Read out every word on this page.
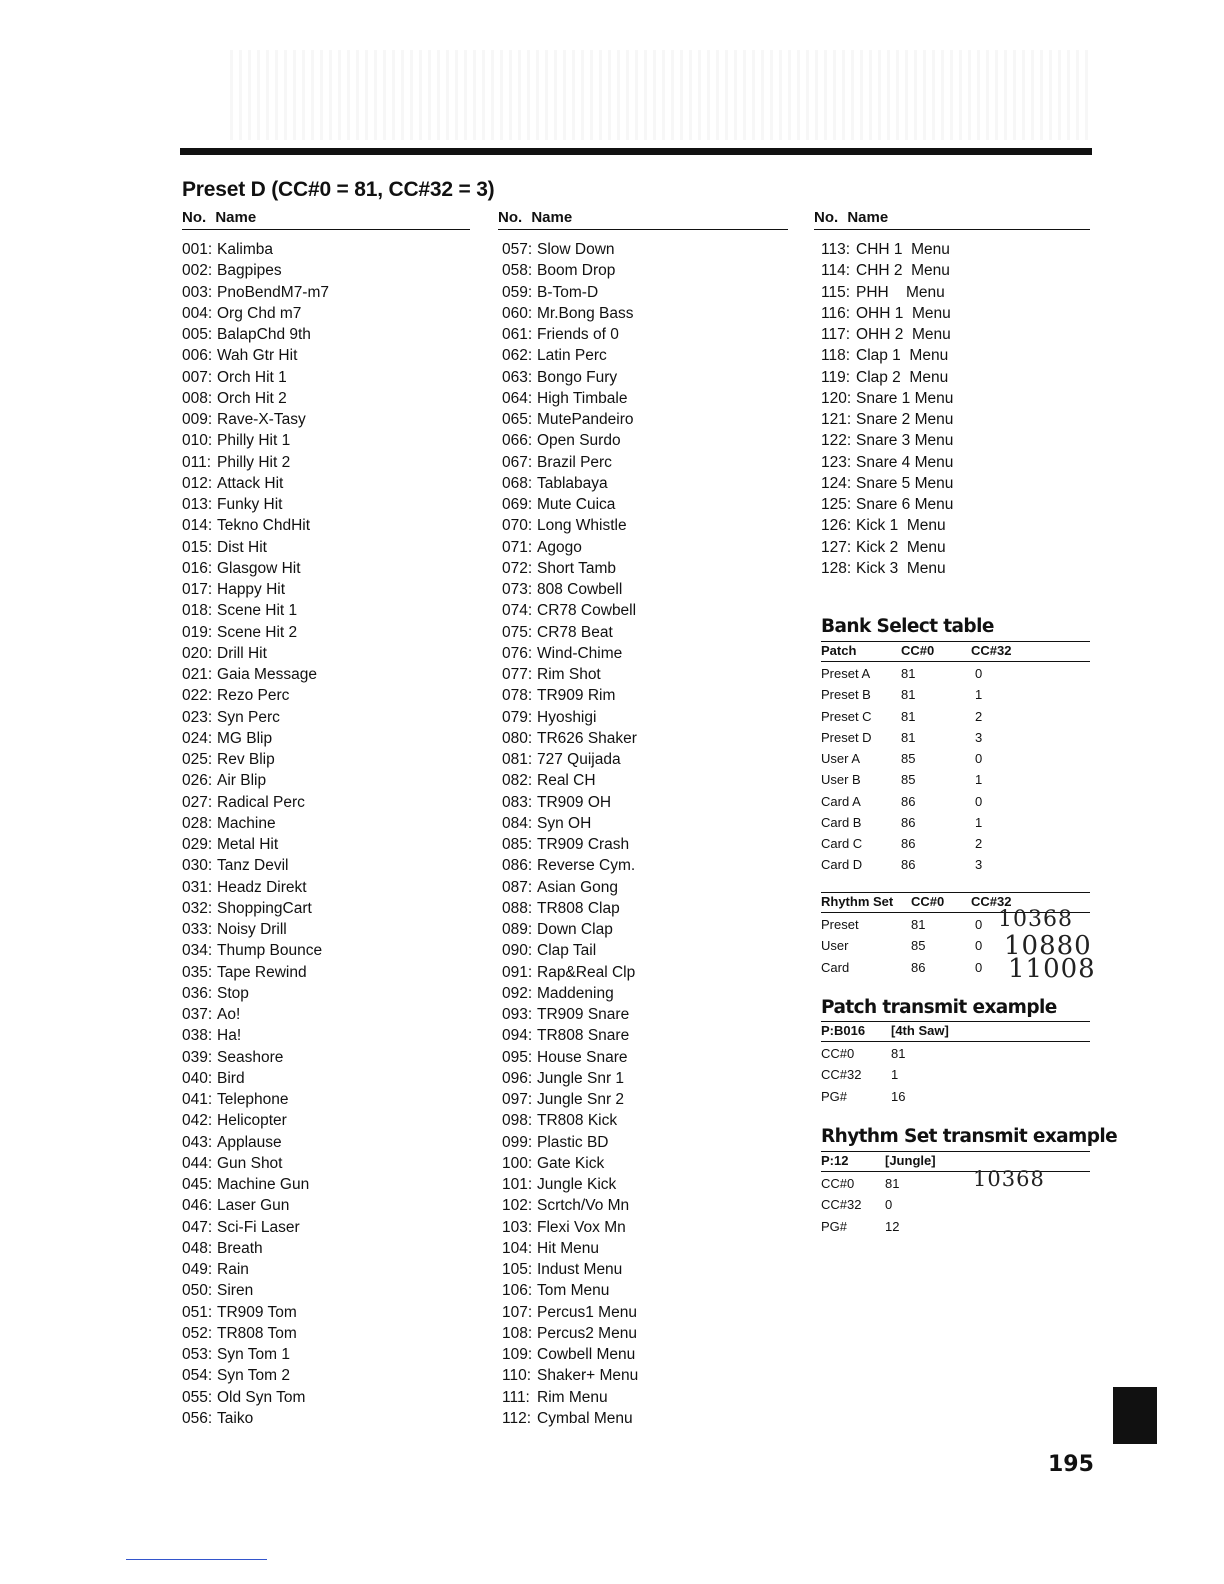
Preset D (CC#0 = 81, CC#32 = 3)
No. Name	No. Name	No. Name
001: Kalimba
002: Bagpipes
003: PnoBendM7-m7
004: Org Chd m7
005: BalapChd 9th
006: Wah Gtr Hit
007: Orch Hit 1
008: Orch Hit 2
009: Rave-X-Tasy
010: Philly Hit 1
011: Philly Hit 2
012: Attack Hit
013: Funky Hit
014: Tekno ChdHit
015: Dist Hit
016: Glasgow Hit
017: Happy Hit
018: Scene Hit 1
019: Scene Hit 2
020: Drill Hit
021: Gaia Message
022: Rezo Perc
023: Syn Perc
024: MG Blip
025: Rev Blip
026: Air Blip
027: Radical Perc
028: Machine
029: Metal Hit
030: Tanz Devil
031: Headz Direkt
032: ShoppingCart
033: Noisy Drill
034: Thump Bounce
035: Tape Rewind
036: Stop
037: Ao!
038: Ha!
039: Seashore
040: Bird
041: Telephone
042: Helicopter
043: Applause
044: Gun Shot
045: Machine Gun
046: Laser Gun
047: Sci-Fi Laser
048: Breath
049: Rain
050: Siren
051: TR909 Tom
052: TR808 Tom
053: Syn Tom 1
054: Syn Tom 2
055: Old Syn Tom
056: Taiko
057: Slow Down
058: Boom Drop
059: B-Tom-D
060: Mr.Bong Bass
061: Friends of 0
062: Latin Perc
063: Bongo Fury
064: High Timbale
065: MutePandeiro
066: Open Surdo
067: Brazil Perc
068: Tablabaya
069: Mute Cuica
070: Long Whistle
071: Agogo
072: Short Tamb
073: 808 Cowbell
074: CR78 Cowbell
075: CR78 Beat
076: Wind-Chime
077: Rim Shot
078: TR909 Rim
079: Hyoshigi
080: TR626 Shaker
081: 727 Quijada
082: Real CH
083: TR909 OH
084: Syn OH
085: TR909 Crash
086: Reverse Cym.
087: Asian Gong
088: TR808 Clap
089: Down Clap
090: Clap Tail
091: Rap&Real Clp
092: Maddening
093: TR909 Snare
094: TR808 Snare
095: House Snare
096: Jungle Snr 1
097: Jungle Snr 2
098: TR808 Kick
099: Plastic BD
100: Gate Kick
101: Jungle Kick
102: Scrtch/Vo Mn
103: Flexi Vox Mn
104: Hit Menu
105: Indust Menu
106: Tom Menu
107: Percus1 Menu
108: Percus2 Menu
109: Cowbell Menu
110: Shaker+ Menu
111: Rim Menu
112: Cymbal Menu
113: CHH 1  Menu
114: CHH 2  Menu
115: PHH    Menu
116: OHH 1  Menu
117: OHH 2  Menu
118: Clap 1  Menu
119: Clap 2  Menu
120: Snare 1 Menu
121: Snare 2 Menu
122: Snare 3 Menu
123: Snare 4 Menu
124: Snare 5 Menu
125: Snare 6 Menu
126: Kick 1  Menu
127: Kick 2  Menu
128: Kick 3  Menu
Bank Select table
Patch	CC#0	CC#32
Preset A 81	0
Preset B 81	1
Preset C 81	2
Preset D 81	3
User A	85	0
User B	85	1
Card A	86	0
Card B	86	1
Card C	86	2
Card D	86	3
Rhythm Set CC#0 CC#32
Preset	81	0
User	85	0
Card	86	0
10368
10880
11008
Patch transmit example
P:B016 [4th Saw]
CC#0	81
CC#32 1
PG#	16
Rhythm Set transmit example
P:12	[Jungle]
CC#0 81
CC#32 0
PG#	12
10368
195
